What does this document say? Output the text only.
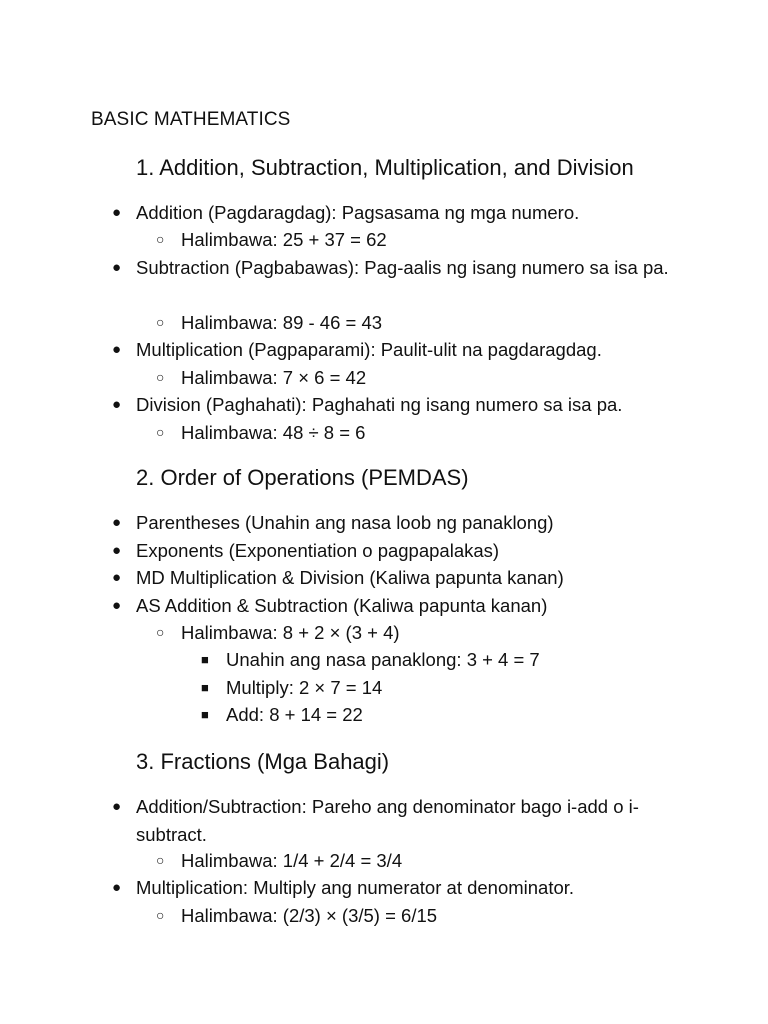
BASIC MATHEMATICS
1. Addition, Subtraction, Multiplication, and Division
● Addition (Pagdaragdag): Pagsasama ng mga numero.
○ Halimbawa: 25 + 37 = 62
● Subtraction (Pagbabawas): Pag-aalis ng isang numero sa isa pa.
○ Halimbawa: 89 - 46 = 43
● Multiplication (Pagpaparami): Paulit-ulit na pagdaragdag.
○ Halimbawa: 7 × 6 = 42
● Division (Paghahati): Paghahati ng isang numero sa isa pa.
○ Halimbawa: 48 ÷ 8 = 6
2. Order of Operations (PEMDAS)
● Parentheses (Unahin ang nasa loob ng panaklong)
● Exponents (Exponentiation o pagpapalakas)
● MD Multiplication & Division (Kaliwa papunta kanan)
● AS Addition & Subtraction (Kaliwa papunta kanan)
○ Halimbawa: 8 + 2 × (3 + 4)
■ Unahin ang nasa panaklong: 3 + 4 = 7
■ Multiply: 2 × 7 = 14
■ Add: 8 + 14 = 22
3. Fractions (Mga Bahagi)
● Addition/Subtraction: Pareho ang denominator bago i-add o i-subtract.
○ Halimbawa: 1/4 + 2/4 = 3/4
● Multiplication: Multiply ang numerator at denominator.
○ Halimbawa: (2/3) × (3/5) = 6/15
